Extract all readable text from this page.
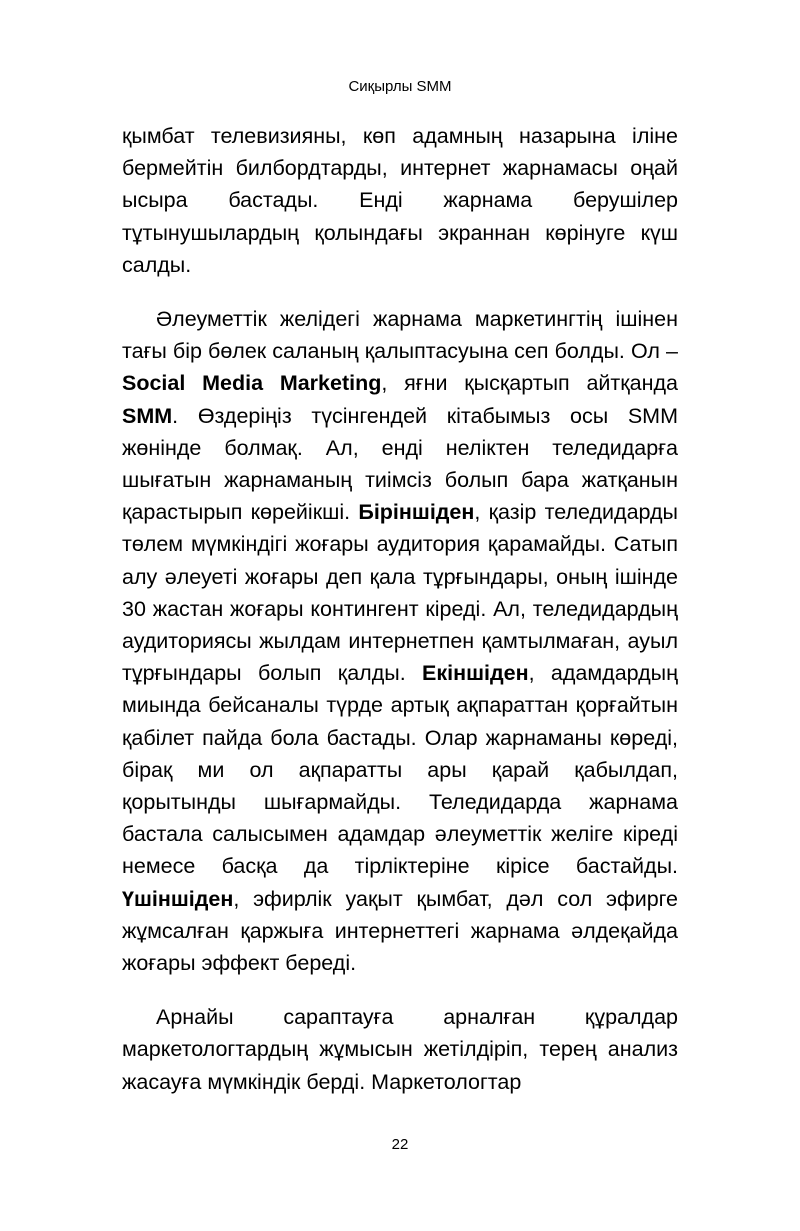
Сиқырлы SMM

қымбат телевизияны, көп адамның назарына іліне бермейтін билбордтарды, интернет жарнамасы оңай ысыра бастады. Енді жарнама берушілер тұтынушылардың қолындағы экраннан көрінуге күш салды.

Әлеуметтік желідегі жарнама маркетингтің ішінен тағы бір бөлек саланың қалыптасуына сеп болды. Ол – Social Media Marketing, яғни қысқартып айтқанда SMM. Өздеріңіз түсінгендей кітабымыз осы SMM жөнінде болмақ. Ал, енді неліктен теледидарға шығатын жарнаманың тиімсіз болып бара жатқанын қарастырып көрейікші. Біріншіден, қазір теледидарды төлем мүмкіндігі жоғары аудитория қарамайды. Сатып алу әлеуеті жоғары деп қала тұрғындары, оның ішінде 30 жастан жоғары контингент кіреді. Ал, теледидардың аудиториясы жылдам интернетпен қамтылмаған, ауыл тұрғындары болып қалды. Екіншіден, адамдардың миында бейсаналы түрде артық ақпараттан қорғайтын қабілет пайда бола бастады. Олар жарнаманы көреді, бірақ ми ол ақпаратты ары қарай қабылдап, қорытынды шығармайды. Теледидарда жарнама басталa салысымен адамдар әлеуметтік желіге кіреді немесе басқа да тірліктеріне кірісе бастайды. Үшіншіден, эфирлік уақыт қымбат, дәл сол эфирге жұмсалған қаржыға интернеттегі жарнама әлдеқайда жоғары эффект береді.

Арнайы сараптауға арналған құралдар маркетологтардың жұмысын жетілдіріп, терең анализ жасауға мүмкіндік берді. Маркетологтар

22
